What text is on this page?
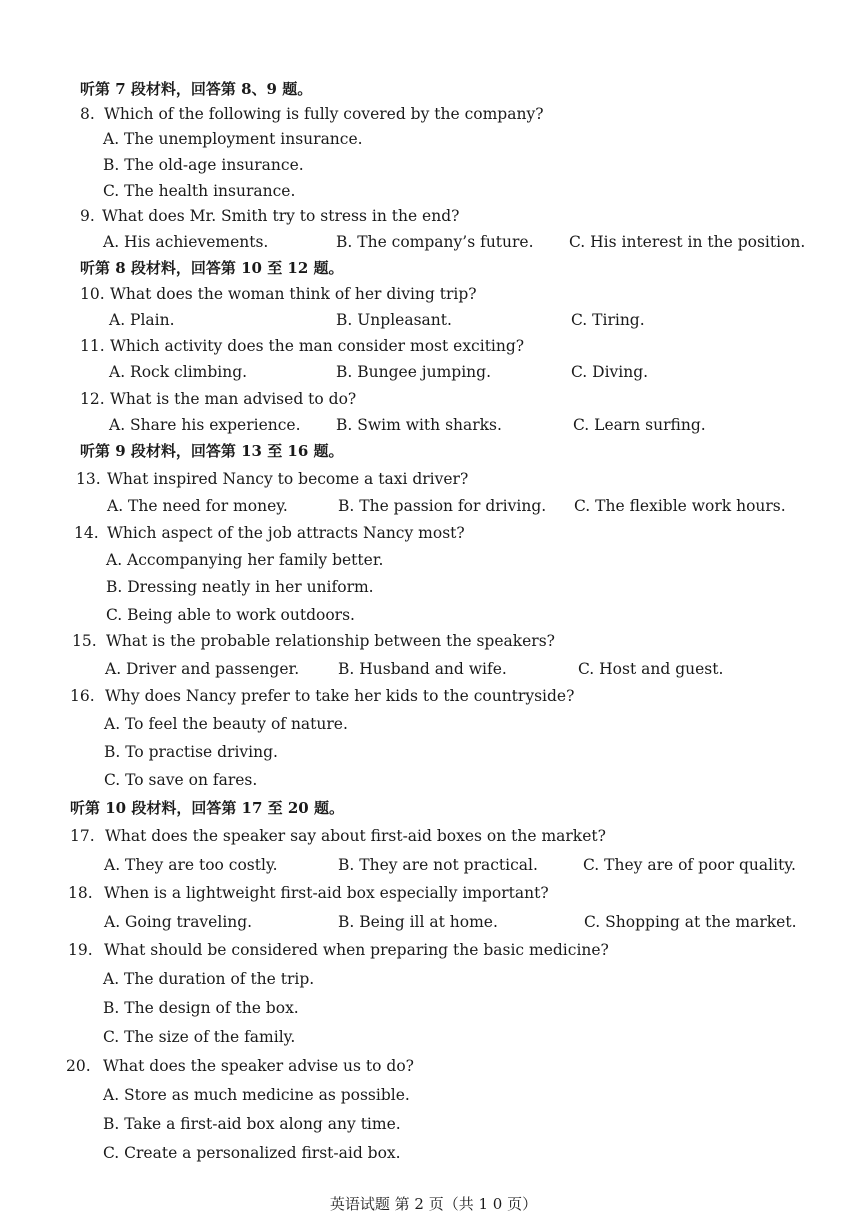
听第 7 段材料，回答第 8、9 题。
8. Which of the following is fully covered by the company?
A. The unemployment insurance.
B. The old-age insurance.
C. The health insurance.
9. What does Mr. Smith try to stress in the end?
A. His achievements.	B. The company’s future. C. His interest in the position.
听第 8 段材料，回答第 10 至 12 题。
10. What does the woman think of her diving trip?
A. Plain.	B. Unpleasant.	C. Tiring.
11. Which activity does the man consider most exciting?
A. Rock climbing.	B. Bungee jumping.	C. Diving.
12. What is the man advised to do?
A. Share his experience. B. Swim with sharks.	C. Learn surfing.
听第 9 段材料，回答第 13 至 16 题。
13. What inspired Nancy to become a taxi driver?
A. The need for money.	B. The passion for driving. C. The flexible work hours.
14. Which aspect of the job attracts Nancy most?
A. Accompanying her family better.
B. Dressing neatly in her uniform.
C. Being able to work outdoors.
15. What is the probable relationship between the speakers?
A. Driver and passenger.	B. Husband and wife.	C. Host and guest.
16. Why does Nancy prefer to take her kids to the countryside?
A. To feel the beauty of nature.
B. To practise driving.
C. To save on fares.
听第 10 段材料，回答第 17 至 20 题。
17. What does the speaker say about first-aid boxes on the market?
A. They are too costly.	B. They are not practical.	C. They are of poor quality.
18. When is a lightweight first-aid box especially important?
A. Going traveling.	B. Being ill at home.	C. Shopping at the market.
19. What should be considered when preparing the basic medicine?
A. The duration of the trip.
B. The design of the box.
C. The size of the family.
20. What does the speaker advise us to do?
A. Store as much medicine as possible.
B. Take a first-aid box along any time.
C. Create a personalized first-aid box.
英语试题 第 2 页（共 1 0 页）
